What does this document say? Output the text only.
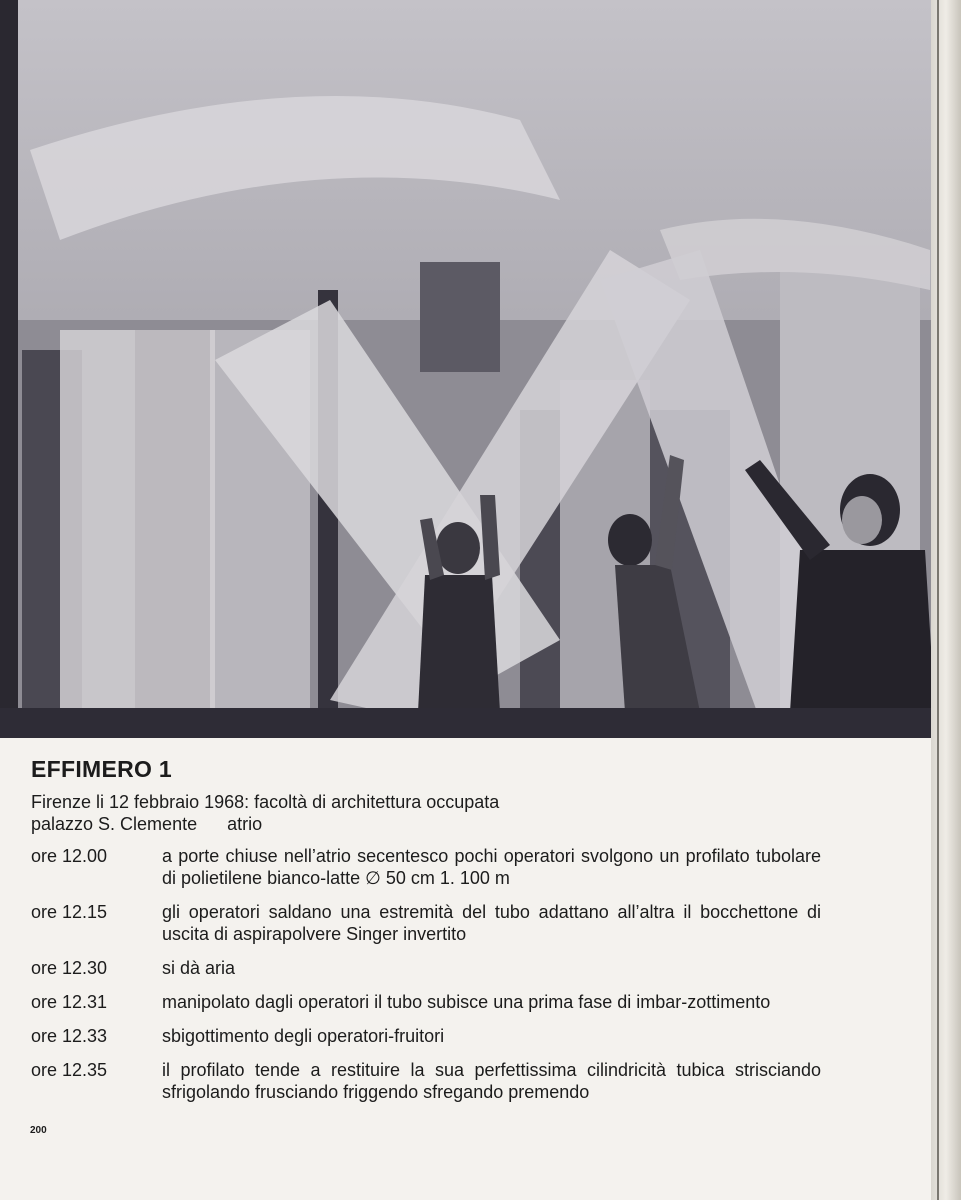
EFFIMERO 1
Firenze li 12 febbraio 1968: facoltà di architettura occupata
palazzo S. Clemente atrio
ore 12.00	a porte chiuse nell’atrio secentesco pochi operatori svolgono un profilato tubolare di polietilene bianco-latte ∅ 50 cm 1. 100 m
ore 12.15	gli operatori saldano una estremità del tubo adattano all’altra il bocchettone di uscita di aspirapolvere Singer invertito
ore 12.30	si dà aria
ore 12.31	manipolato dagli operatori il tubo subisce una prima fase di imbar-zottimento
ore 12.33	sbigottimento degli operatori-fruitori
ore 12.35	il profilato tende a restituire la sua perfettissima cilindricità tubica strisciando sfrigolando frusciando friggendo sfregando premendo
200
